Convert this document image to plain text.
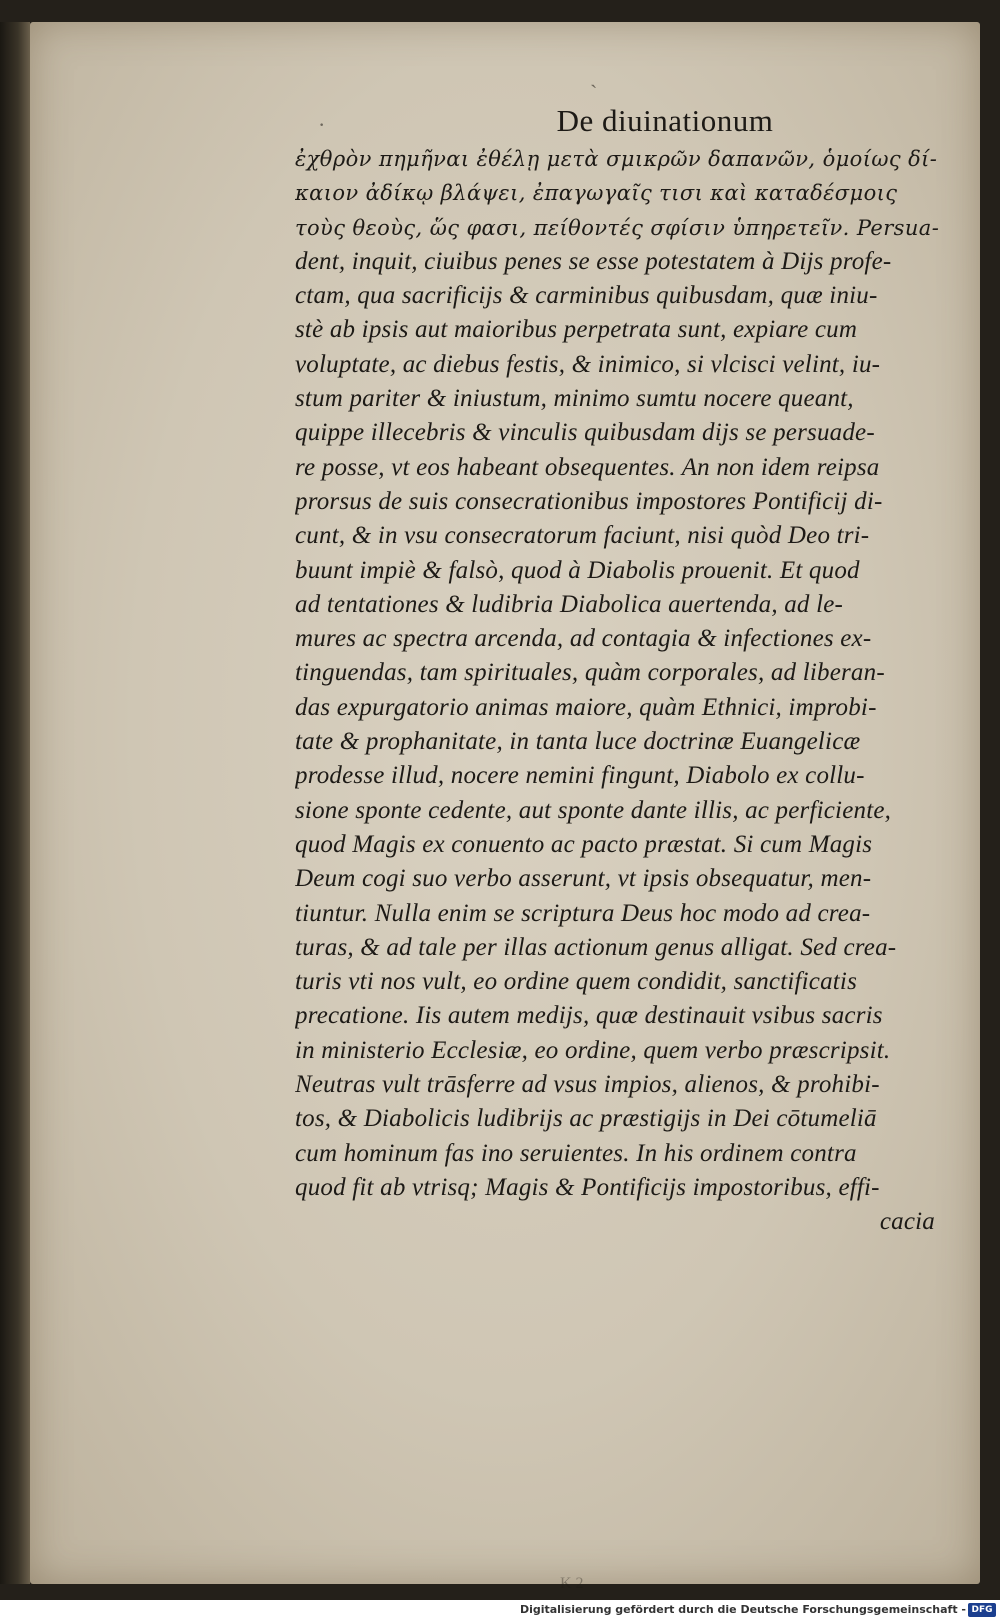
·
`
De diuinationum
ἐχθρὸν πημῆναι ἐθέλῃ μετὰ σμικρῶν δαπανῶν, ὁμοίως δί-
καιον ἀδίκῳ βλάψει, ἐπαγωγαῖς τισι καὶ καταδέσμοις
τοὺς θεοὺς, ὥς φασι, πείθοντές σφίσιν ὑπηρετεῖν. Persua-
dent, inquit, ciuibus penes se esse potestatem à Dijs profe-
ctam, qua sacrificijs & carminibus quibusdam, quæ iniu-
stè ab ipsis aut maioribus perpetrata sunt, expiare cum
voluptate, ac diebus festis, & inimico, si vlcisci velint, iu-
stum pariter & iniustum, minimo sumtu nocere queant,
quippe illecebris & vinculis quibusdam dijs se persuade-
re posse, vt eos habeant obsequentes. An non idem reipsa
prorsus de suis consecrationibus impostores Pontificij di-
cunt, & in vsu consecratorum faciunt, nisi quòd Deo tri-
buunt impiè & falsò, quod à Diabolis prouenit. Et quod
ad tentationes & ludibria Diabolica auertenda, ad le-
mures ac spectra arcenda, ad contagia & infectiones ex-
tinguendas, tam spirituales, quàm corporales, ad liberan-
das expurgatorio animas maiore, quàm Ethnici, improbi-
tate & prophanitate, in tanta luce doctrinæ Euangelicæ
prodesse illud, nocere nemini fingunt, Diabolo ex collu-
sione sponte cedente, aut sponte dante illis, ac perficiente,
quod Magis ex conuento ac pacto præstat. Si cum Magis
Deum cogi suo verbo asserunt, vt ipsis obsequatur, men-
tiuntur. Nulla enim se scriptura Deus hoc modo ad crea-
turas, & ad tale per illas actionum genus alligat. Sed crea-
turis vti nos vult, eo ordine quem condidit, sanctificatis
precatione. Iis autem medijs, quæ destinauit vsibus sacris
in ministerio Ecclesiæ, eo ordine, quem verbo præscripsit.
Neutras vult trāsferre ad vsus impios, alienos, & prohibi-
tos, & Diabolicis ludibrijs ac præstigijs in Dei cōtumeliā
cum hominum fas ino seruientes. In his ordinem contra
quod fit ab vtrisq; Magis & Pontificijs impostoribus, effi-
cacia
K 2
Digitalisierung gefördert durch die Deutsche Forschungsgemeinschaft - DFG
